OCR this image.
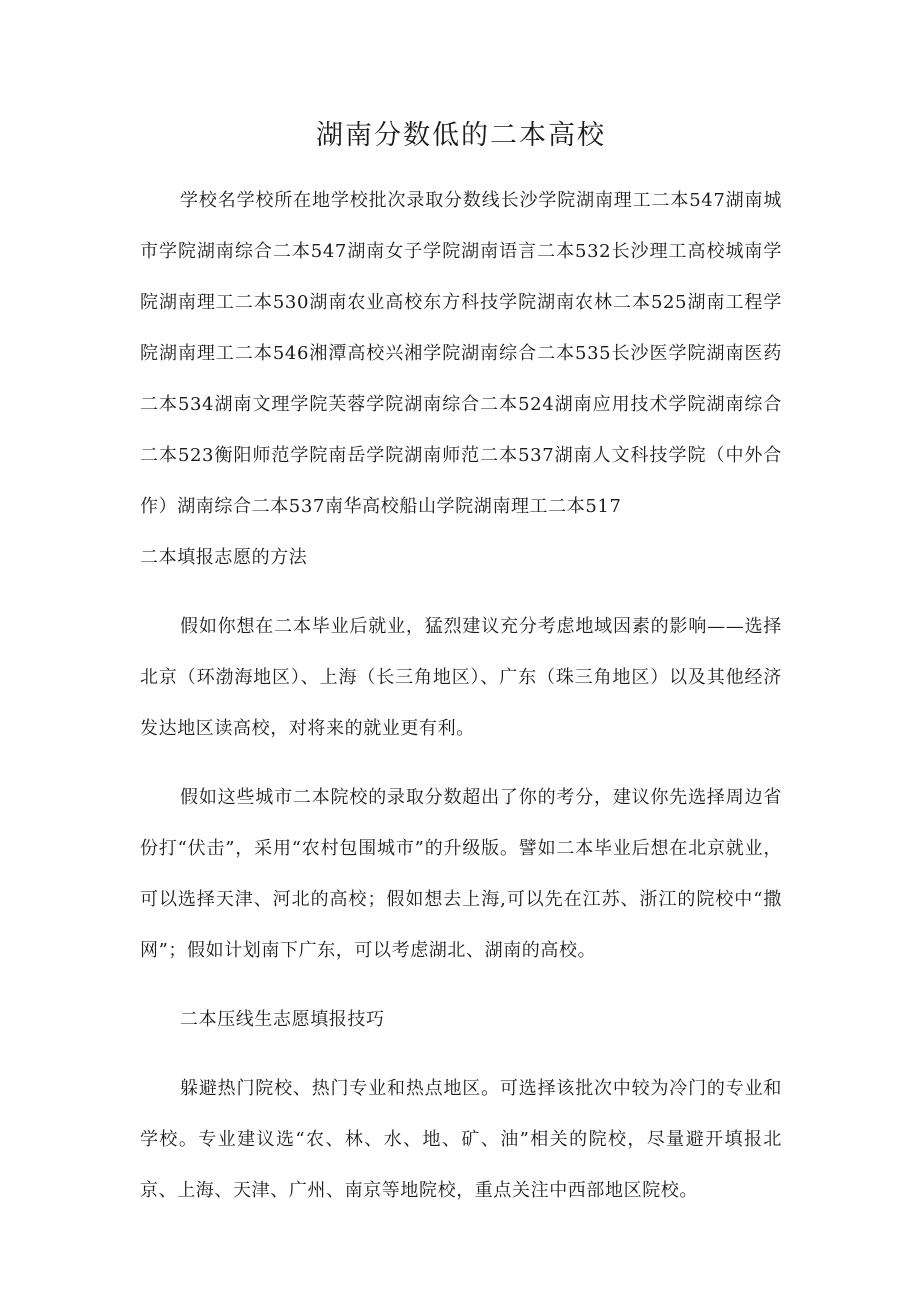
湖南分数低的二本高校

学校名学校所在地学校批次录取分数线长沙学院湖南理工二本547湖南城市学院湖南综合二本547湖南女子学院湖南语言二本532长沙理工高校城南学院湖南理工二本530湖南农业高校东方科技学院湖南农林二本525湖南工程学院湖南理工二本546湘潭高校兴湘学院湖南综合二本535长沙医学院湖南医药二本534湖南文理学院芙蓉学院湖南综合二本524湖南应用技术学院湖南综合二本523衡阳师范学院南岳学院湖南师范二本537湖南人文科技学院（中外合作）湖南综合二本537南华高校船山学院湖南理工二本517

二本填报志愿的方法

假如你想在二本毕业后就业，猛烈建议充分考虑地域因素的影响——选择北京（环渤海地区）、上海（长三角地区）、广东（珠三角地区）以及其他经济发达地区读高校，对将来的就业更有利。

假如这些城市二本院校的录取分数超出了你的考分，建议你先选择周边省份打“伏击”，采用“农村包围城市”的升级版。譬如二本毕业后想在北京就业，可以选择天津、河北的高校；假如想去上海,可以先在江苏、浙江的院校中“撒网”；假如计划南下广东，可以考虑湖北、湖南的高校。

二本压线生志愿填报技巧

躲避热门院校、热门专业和热点地区。可选择该批次中较为冷门的专业和学校。专业建议选“农、林、水、地、矿、油”相关的院校，尽量避开填报北京、上海、天津、广州、南京等地院校，重点关注中西部地区院校。
